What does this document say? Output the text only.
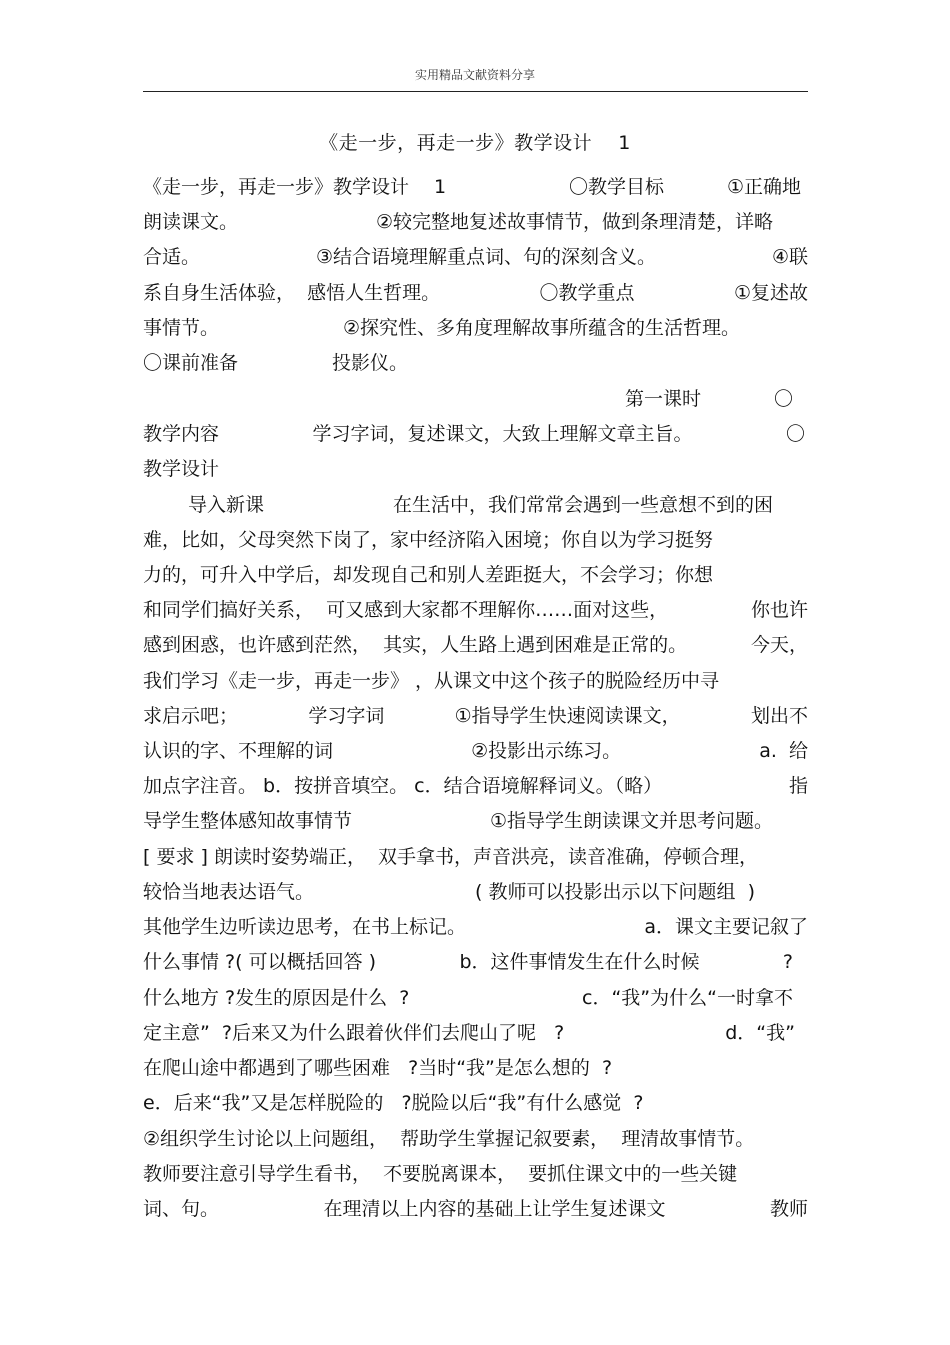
实用精品文献资料分享
《走一步，再走一步》教学设计　 1
《走一步，再走一步》教学设计　 1	〇教学目标	①正确地
朗读课文。	②较完整地复述故事情节，做到条理清楚，详略
合适。	③结合语境理解重点词、句的深刻含义。	④联
系自身生活体验，  感悟人生哲理。	〇教学重点	①复述故
事情节。	②探究性、多角度理解故事所蕴含的生活哲理。
〇课前准备	投影仪。
第一课时	〇
教学内容	学习字词，复述课文，大致上理解文章主旨。	〇
教学设计
导入新课	在生活中，我们常常会遇到一些意想不到的困
难，比如，父母突然下岗了，家中经济陷入困境；你自以为学习挺努
力的，可升入中学后，却发现自己和别人差距挺大，不会学习；你想
和同学们搞好关系，  可又感到大家都不理解你……面对这些，	你也许
感到困惑，也许感到茫然，  其实，人生路上遇到困难是正常的。	今天，
我们学习《走一步，再走一步》 ，从课文中这个孩子的脱险经历中寻
求启示吧；	学习字词	①指导学生快速阅读课文，	划出不
认识的字、不理解的词	②投影出示练习。	a.  给
加点字注音。 b．按拼音填空。 c．结合语境解释词义。（略）	指
导学生整体感知故事情节	①指导学生朗读课文并思考问题。
[ 要求 ] 朗读时姿势端正，  双手拿书，声音洪亮，读音准确，停顿合理，
较恰当地表达语气。	( 教师可以投影出示以下问题组  )
其他学生边听读边思考，在书上标记。	a．课文主要记叙了
什么事情 ?( 可以概括回答 )	b．这件事情发生在什么时候	?
什么地方 ?发生的原因是什么  ?	c．“我”为什么“一时拿不
定主意”  ?后来又为什么跟着伙伴们去爬山了呢   ?	d．“我”
在爬山途中都遇到了哪些困难   ?当时“我”是怎么想的  ?
e．后来“我”又是怎样脱险的   ?脱险以后“我”有什么感觉  ?
②组织学生讨论以上问题组，  帮助学生掌握记叙要素，  理清故事情节。
教师要注意引导学生看书，  不要脱离课本，  要抓住课文中的一些关键
词、句。	在理清以上内容的基础上让学生复述课文	教师
